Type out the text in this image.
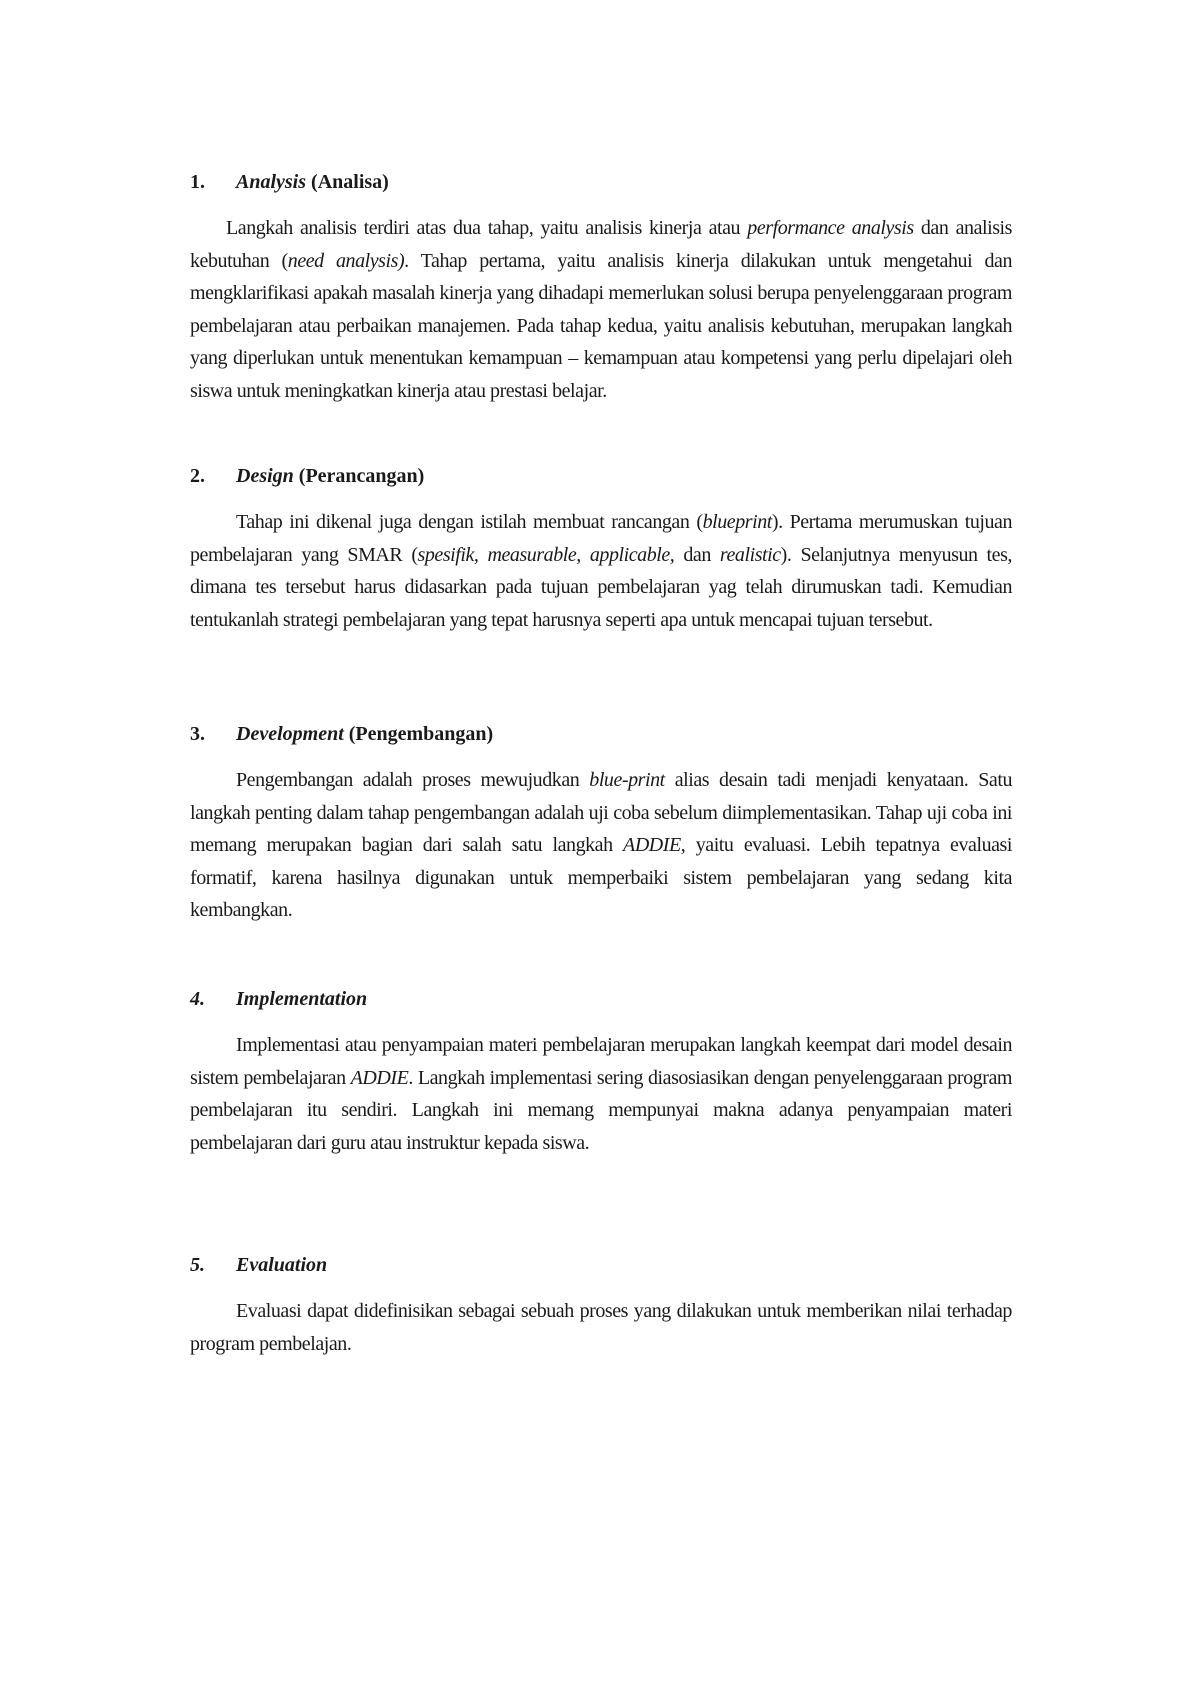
1. Analysis (Analisa)
Langkah analisis terdiri atas dua tahap, yaitu analisis kinerja atau performance analysis dan analisis kebutuhan (need analysis). Tahap pertama, yaitu analisis kinerja dilakukan untuk mengetahui dan mengklarifikasi apakah masalah kinerja yang dihadapi memerlukan solusi berupa penyelenggaraan program pembelajaran atau perbaikan manajemen. Pada tahap kedua, yaitu analisis kebutuhan, merupakan langkah yang diperlukan untuk menentukan kemampuan – kemampuan atau kompetensi yang perlu dipelajari oleh siswa untuk meningkatkan kinerja atau prestasi belajar.
2. Design (Perancangan)
Tahap ini dikenal juga dengan istilah membuat rancangan (blueprint). Pertama merumuskan tujuan pembelajaran yang SMAR (spesifik, measurable, applicable, dan realistic). Selanjutnya menyusun tes, dimana tes tersebut harus didasarkan pada tujuan pembelajaran yag telah dirumuskan tadi. Kemudian tentukanlah strategi pembelajaran yang tepat harusnya seperti apa untuk mencapai tujuan tersebut.
3. Development (Pengembangan)
Pengembangan adalah proses mewujudkan blue-print alias desain tadi menjadi kenyataan. Satu langkah penting dalam tahap pengembangan adalah uji coba sebelum diimplementasikan. Tahap uji coba ini memang merupakan bagian dari salah satu langkah ADDIE, yaitu evaluasi. Lebih tepatnya evaluasi formatif, karena hasilnya digunakan untuk memperbaiki sistem pembelajaran yang sedang kita kembangkan.
4. Implementation
Implementasi atau penyampaian materi pembelajaran merupakan langkah keempat dari model desain sistem pembelajaran ADDIE. Langkah implementasi sering diasosiasikan dengan penyelenggaraan program pembelajaran itu sendiri. Langkah ini memang mempunyai makna adanya penyampaian materi pembelajaran dari guru atau instruktur kepada siswa.
5. Evaluation
Evaluasi dapat didefinisikan sebagai sebuah proses yang dilakukan untuk memberikan nilai terhadap program pembelajan.
